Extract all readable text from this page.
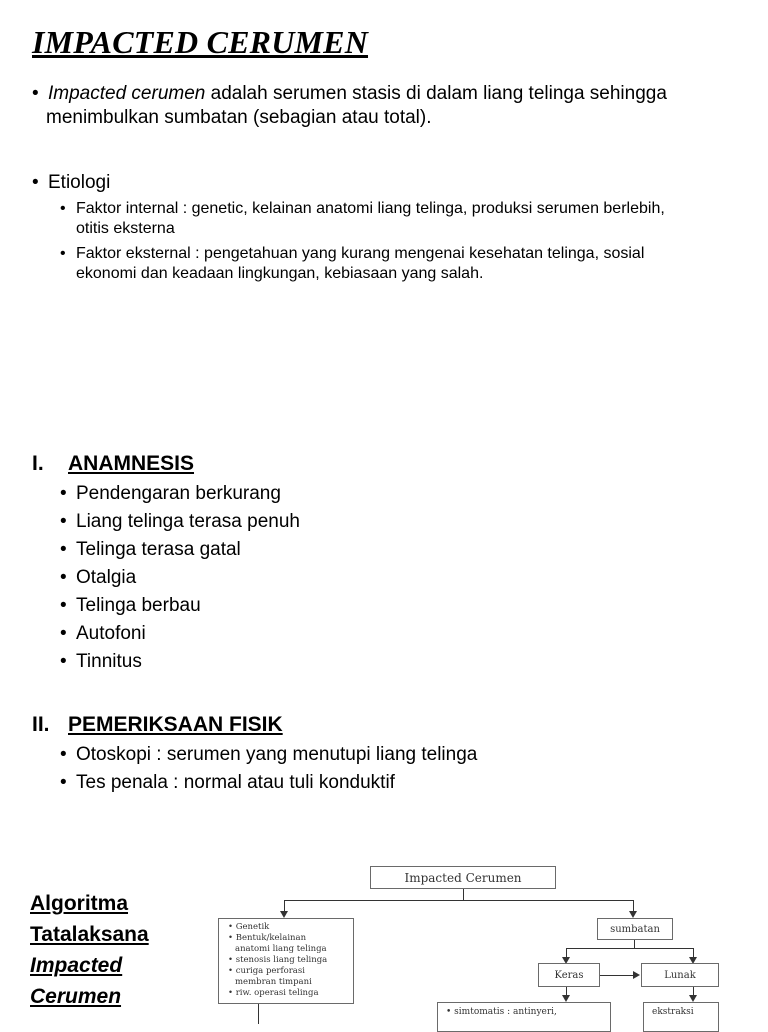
IMPACTED CERUMEN
• Impacted cerumen adalah serumen stasis di dalam liang telinga sehingga
menimbulkan sumbatan (sebagian atau total).
• Etiologi
• Faktor internal : genetic, kelainan anatomi liang telinga, produksi serumen berlebih,
otitis eksterna
• Faktor eksternal : pengetahuan yang kurang mengenai kesehatan telinga, sosial
ekonomi dan keadaan lingkungan, kebiasaan yang salah.
I. ANAMNESIS
• Pendengaran berkurang
• Liang telinga terasa penuh
• Telinga terasa gatal
• Otalgia
• Telinga berbau
• Autofoni
• Tinnitus
II. PEMERIKSAAN FISIK
• Otoskopi : serumen yang menutupi liang telinga
• Tes penala : normal atau tuli konduktif
Algoritma
Tatalaksana
Impacted
Cerumen
Impacted Cerumen
• Genetik
• Bentuk/kelainan
anatomi liang telinga
• stenosis liang telinga
• curiga perforasi
membran timpani
• riw. operasi telinga
sumbatan
Keras	Lunak
• simtomatis : antinyeri,	ekstraksi
